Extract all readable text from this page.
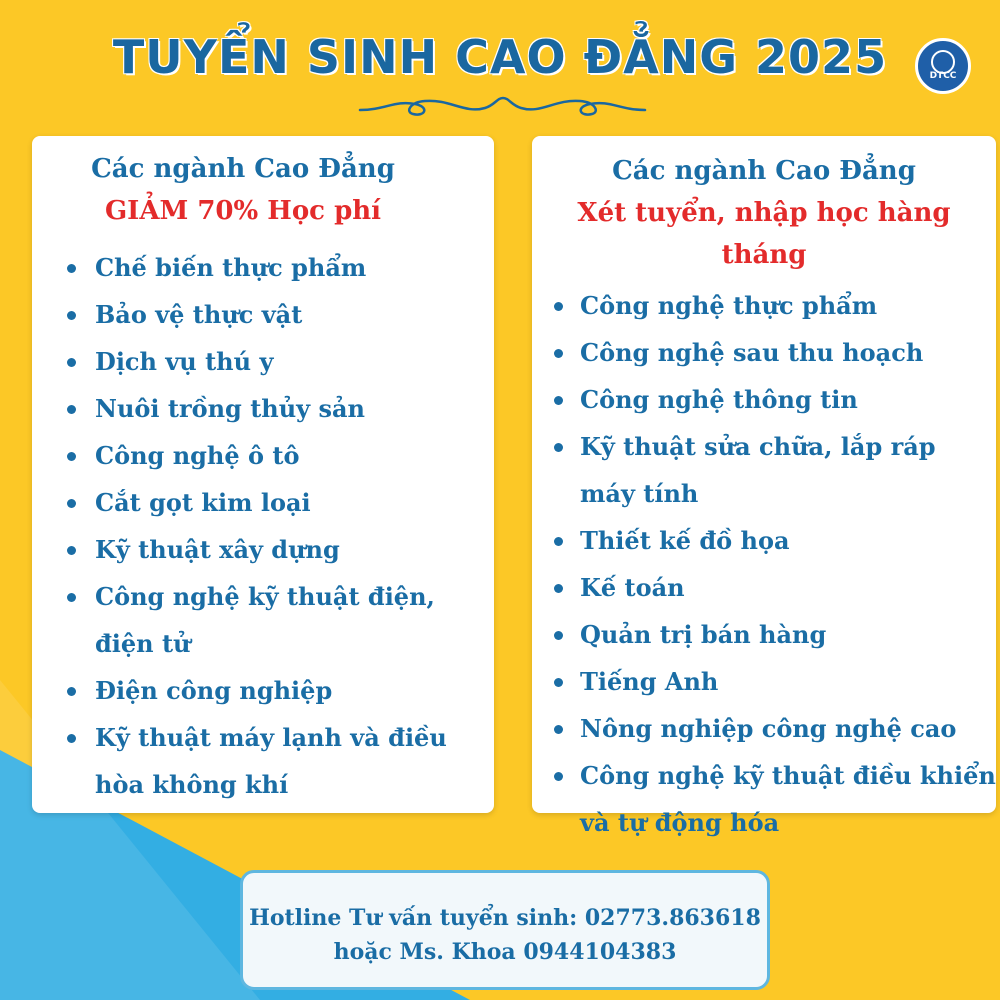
TUYỂN SINH CAO ĐẲNG 2025	DTCC
Các ngành Cao Đẳng
GIẢM 70% Học phí
Chế biến thực phẩm
Bảo vệ thực vật
Dịch vụ thú y
Nuôi trồng thủy sản
Công nghệ ô tô
Cắt gọt kim loại
Kỹ thuật xây dựng
Công nghệ kỹ thuật điện,
điện tử
Điện công nghiệp
Kỹ thuật máy lạnh và điều
hòa không khí
Các ngành Cao Đẳng
Xét tuyển, nhập học hàng tháng
Công nghệ thực phẩm
Công nghệ sau thu hoạch
Công nghệ thông tin
Kỹ thuật sửa chữa, lắp ráp
máy tính
Thiết kế đồ họa
Kế toán
Quản trị bán hàng
Tiếng Anh
Nông nghiệp công nghệ cao
Công nghệ kỹ thuật điều khiển
và tự động hóa
Hotline Tư vấn tuyển sinh: 02773.863618
hoặc Ms. Khoa 0944104383
